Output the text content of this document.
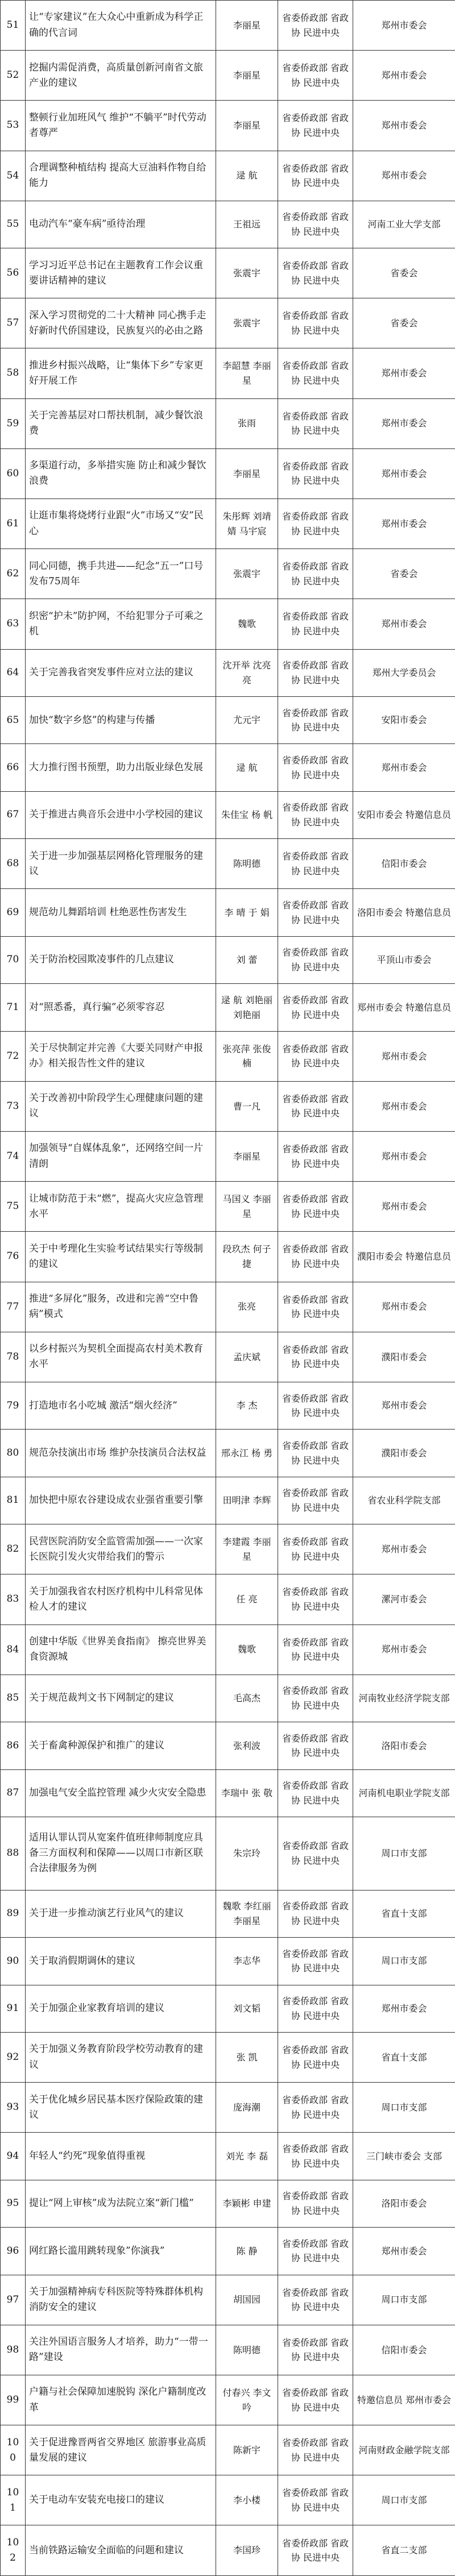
51	让“专家建议”在大众心中重新成为科学正确的代言词	李丽星	省委侨政部 省政协 民进中央	郑州市委会
52	挖掘内需促消费，高质量创新河南省文旅产业的建议	李丽星	省委侨政部 省政协 民进中央	郑州市委会
53	整顿行业加班风气 维护“不躺平”时代劳动者尊严	李丽星	省委侨政部 省政协 民进中央	郑州市委会
54	合理调整种植结构 提高大豆油料作物自给能力	逯 航	省委侨政部 省政协 民进中央	郑州市委会
55	电动汽车“豪车病”亟待治理	王祖远	省委侨政部 省政协 民进中央	河南工业大学支部
56	学习习近平总书记在主题教育工作会议重要讲话精神的建议	张震宇	省委侨政部 省政协 民进中央	省委会
57	深入学习贯彻党的二十大精神 同心携手走好新时代侨国建设，民族复兴的必由之路	张震宇	省委侨政部 省政协 民进中央	省委会
58	推进乡村振兴战略，让“集体下乡”专家更好开展工作	李韶慧 李丽星	省委侨政部 省政协 民进中央	郑州市委会
59	关于完善基层对口帮扶机制，减少餐饮浪费	张雨	省委侨政部 省政协 民进中央	郑州市委会
60	多渠道行动，多举措实施 防止和减少餐饮浪费	李丽星	省委侨政部 省政协 民进中央	郑州市委会
61	让逛市集将烧烤行业跟“火”市场又“安”民心	朱彤辉 刘靖婧 马宇宸	省委侨政部 省政协 民进中央	郑州市委会
62	同心同德，携手共进——纪念“五一”口号发布75周年	张震宇	省委侨政部 省政协 民进中央	省委会
63	织密“护未”防护网，不给犯罪分子可乘之机	魏歌	省委侨政部 省政协 民进中央	郑州市委会
64	关于完善我省突发事件应对立法的建议	沈开举 沈亮亮	省委侨政部 省政协 民进中央	郑州大学委员会
65	加快“数字乡悠”的构建与传播	尤元宇	省委侨政部 省政协 民进中央	安阳市委会
66	大力推行图书预塑，助力出版业绿色发展	逯 航	省委侨政部 省政协 民进中央	郑州市委会
67	关于推进古典音乐会进中小学校园的建议	朱佳宝 杨 帆	省委侨政部 省政协 民进中央	安阳市委会 特邀信息员
68	关于进一步加强基层网格化管理服务的建议	陈明德	省委侨政部 省政协 民进中央	信阳市委会
69	规范幼儿舞蹈培训 杜绝恶性伤害发生	李 晴 于 娟	省委侨政部 省政协 民进中央	洛阳市委会 特邀信息员
70	关于防治校园欺凌事件的几点建议	刘 蕾	省委侨政部 省政协 民进中央	平顶山市委会
71	对“照悉番，真行骗”必须零容忍	逯 航 刘艳丽 刘艳丽	省委侨政部 省政协 民进中央	郑州市委会 特邀信息员
72	关于尽快制定并完善《大要关同财产申报办》相关报告性文件的建议	张亮萍 张俊楠	省委侨政部 省政协 民进中央	郑州市委会
73	关于改善初中阶段学生心理健康问题的建议	曹一凡	省委侨政部 省政协 民进中央	郑州市委会
74	加强领导“自媒体乱象”，还网络空间一片清朗	李丽星	省委侨政部 省政协 民进中央	郑州市委会
75	让城市防范于未“燃”，提高火灾应急管理水平	马国义 李丽星	省委侨政部 省政协 民进中央	郑州市委会
76	关于中考理化生实验考试结果实行等级制的建议	段玖杰 何子捷	省委侨政部 省政协 民进中央	濮阳市委会 特邀信息员
77	推进“多屏化”服务，改进和完善“空中鲁病”模式	张亮	省委侨政部 省政协 民进中央	郑州市委会
78	以乡村振兴为契机全面提高农村美术教育水平	孟庆斌	省委侨政部 省政协 民进中央	濮阳市委会
79	打造地市名小吃城 激活“烟火经济”	李 杰	省委侨政部 省政协 民进中央	郑州市委会
80	规范杂技演出市场 维护杂技演员合法权益	邢永江 杨 勇	省委侨政部 省政协 民进中央	濮阳市委会
81	加快把中原农谷建设成农业强省重要引擎	田明津 李辉	省委侨政部 省政协 民进中央	省农业科学院支部
82	民营医院消防安全监管需加强——一次家长医院引发火灾带给我们的警示	李建霞 李丽星	省委侨政部 省政协 民进中央	郑州市委会
83	关于加强我省农村医疗机构中儿科常见体检人才的建议	任 亮	省委侨政部 省政协 民进中央	漯河市委会
84	创建中华版《世界美食指南》 擦亮世界美食资源城	魏歌	省委侨政部 省政协 民进中央	郑州市委会
85	关于规范裁判文书下网制定的建议	毛高杰	省委侨政部 省政协 民进中央	河南牧业经济学院支部
86	关于畜禽种源保护和推广的建议	张利波	省委侨政部 省政协 民进中央	洛阳市委会
87	加强电气安全监控管理 减少火灾安全隐患	李瑞中 张 敬	省委侨政部 省政协 民进中央	河南机电职业学院支部
88	适用认罪认罚从宽案件值班律师制度应具备三方面权利和保障——以周口市新区联合法律服务为例	朱宗玲	省委侨政部 省政协 民进中央	周口市支部
89	关于进一步推动演艺行业风气的建议	魏歌 李红丽 李丽星	省委侨政部 省政协 民进中央	省直十支部
90	关于取消假期调休的建议	李志华	省委侨政部 省政协 民进中央	周口市支部
91	关于加强企业家教育培训的建议	刘文韬	省委侨政部 省政协 民进中央	郑州市委会
92	关于加强义务教育阶段学校劳动教育的建议	张 凯	省委侨政部 省政协 民进中央	省直十支部
93	关于优化城乡居民基本医疗保险政策的建议	庞海潮	省委侨政部 省政协 民进中央	周口市支部
94	年轻人“约死”现象值得重视	刘光 李 磊	省委侨政部 省政协 民进中央	三门峡市委会 支部
95	提让“网上审核”成为法院立案“新门槛”	李颖彬 申建	省委侨政部 省政协 民进中央	洛阳市委会
96	网红路长滥用跳转现象”你演我”	陈 静	省委侨政部 省政协 民进中央	郑州市委会
97	关于加强精神病专科医院等特殊群体机构消防安全的建议	胡国园	省委侨政部 省政协 民进中央	周口市支部
98	关注外国语言服务人才培养，助力“一带一路”建设	陈明德	省委侨政部 省政协 民进中央	信阳市委会
99	户籍与社会保障加速脱钩 深化户籍制度改革	付春兴 李文吟	省委侨政部 省政协 民进中央	特邀信息员 郑州市委会
100	关于促进豫晋两省交界地区 旅游事业高质量发展的建议	陈新宇	省委侨政部 省政协 民进中央	河南财政金融学院支部
101	关于电动车安装充电接口的建议	李小楼	省委侨政部 省政协 民进中央	周口市支部
102	当前铁路运输安全面临的问题和建议	李国珍	省委侨政部 省政协 民进中央	省直二支部
